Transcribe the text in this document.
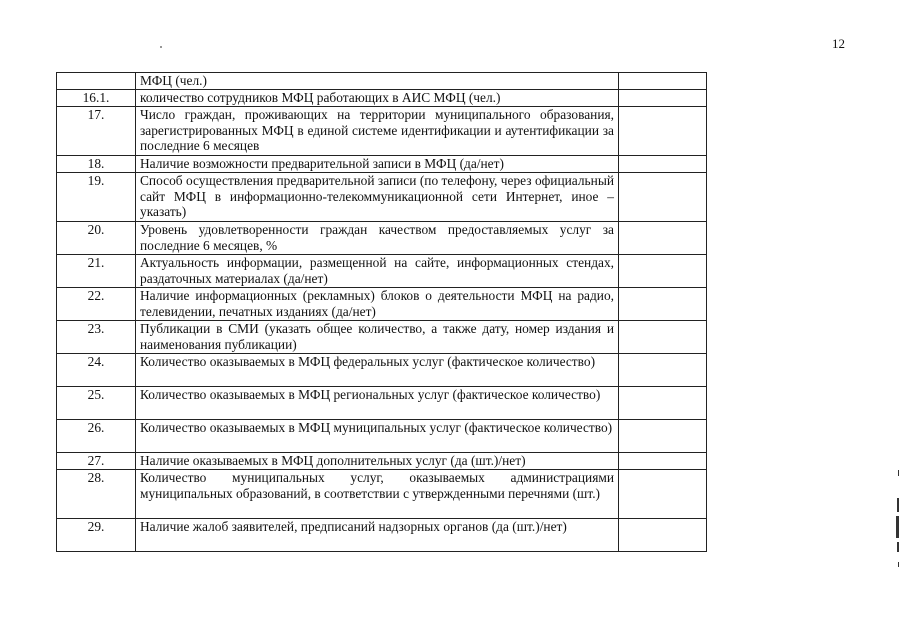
12
	МФЦ (чел.)	
16.1.	количество сотрудников МФЦ работающих в АИС МФЦ (чел.)	
17.	Число граждан, проживающих на территории муниципального образования, зарегистрированных МФЦ в единой системе идентификации и аутентификации за последние 6 месяцев	
18.	Наличие возможности предварительной записи в МФЦ (да/нет)	
19.	Способ осуществления предварительной записи (по телефону, через официальный сайт МФЦ в информационно-телекоммуникационной сети Интернет, иное – указать)	
20.	Уровень удовлетворенности граждан качеством предоставляемых услуг за последние 6 месяцев, %	
21.	Актуальность информации, размещенной на сайте, информационных стендах, раздаточных материалах (да/нет)	
22.	Наличие информационных (рекламных) блоков о деятельности МФЦ на радио, телевидении, печатных изданиях (да/нет)	
23.	Публикации в СМИ (указать общее количество, а также дату, номер издания и наименования публикации)	
24.	Количество оказываемых в МФЦ федеральных услуг (фактическое количество)	
25.	Количество оказываемых в МФЦ региональных услуг (фактическое количество)	
26.	Количество оказываемых в МФЦ муниципальных услуг (фактическое количество)	
27.	Наличие оказываемых в МФЦ дополнительных услуг (да (шт.)/нет)	
28.	Количество муниципальных услуг, оказываемых администрациями муниципальных образований, в соответствии с утвержденными перечнями (шт.)	
29.	Наличие жалоб заявителей, предписаний надзорных органов (да (шт.)/нет)	
